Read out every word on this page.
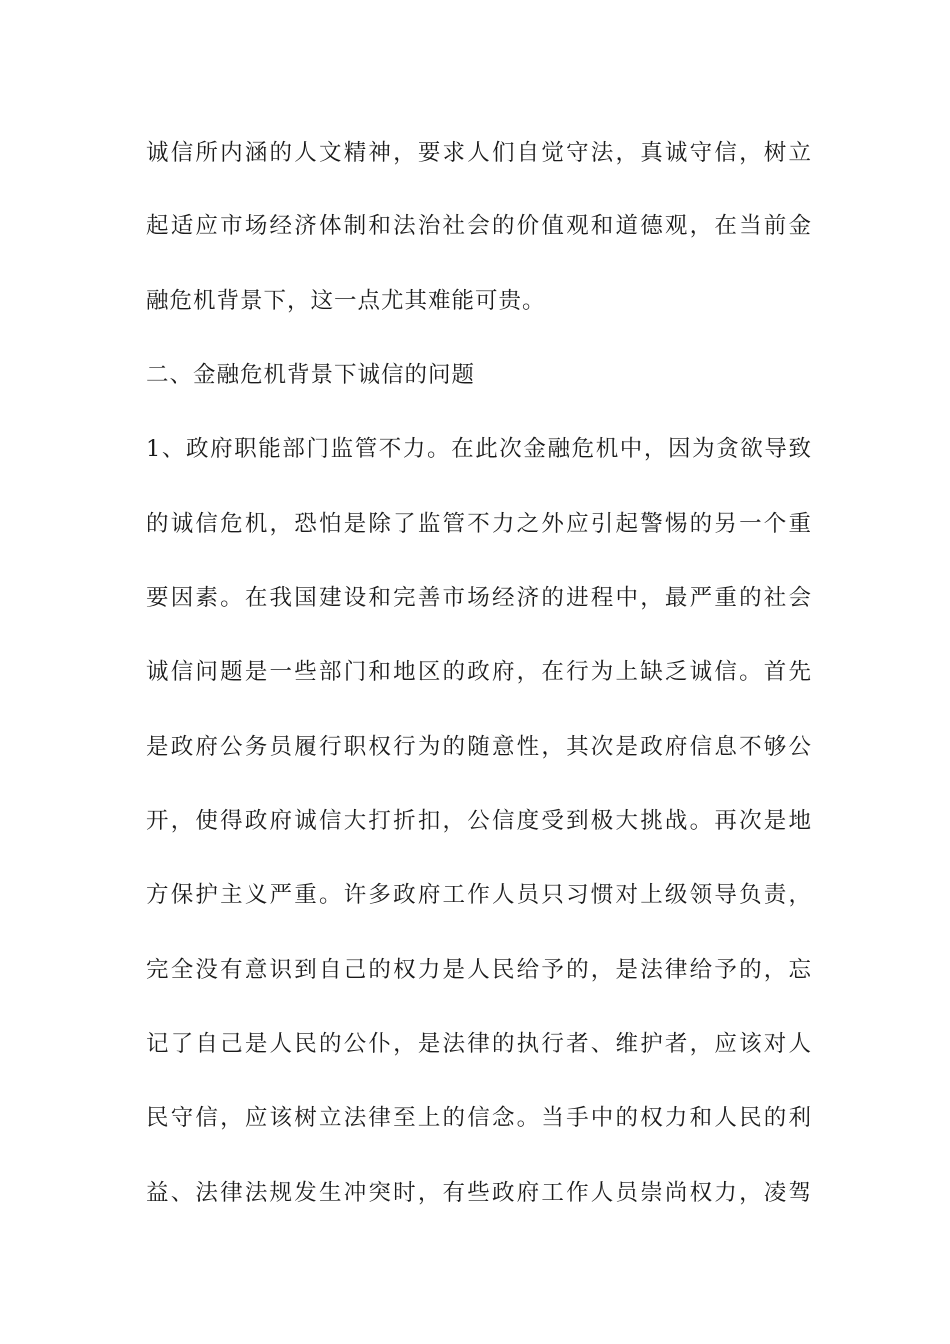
诚信所内涵的人文精神，要求人们自觉守法，真诚守信，树立
起适应市场经济体制和法治社会的价值观和道德观，在当前金
融危机背景下，这一点尤其难能可贵。
二、金融危机背景下诚信的问题
1、政府职能部门监管不力。在此次金融危机中，因为贪欲导致
的诚信危机，恐怕是除了监管不力之外应引起警惕的另一个重
要因素。在我国建设和完善市场经济的进程中，最严重的社会
诚信问题是一些部门和地区的政府，在行为上缺乏诚信。首先
是政府公务员履行职权行为的随意性，其次是政府信息不够公
开，使得政府诚信大打折扣，公信度受到极大挑战。再次是地
方保护主义严重。许多政府工作人员只习惯对上级领导负责，
完全没有意识到自己的权力是人民给予的，是法律给予的，忘
记了自己是人民的公仆，是法律的执行者、维护者，应该对人
民守信，应该树立法律至上的信念。当手中的权力和人民的利
益、法律法规发生冲突时，有些政府工作人员崇尚权力，凌驾
